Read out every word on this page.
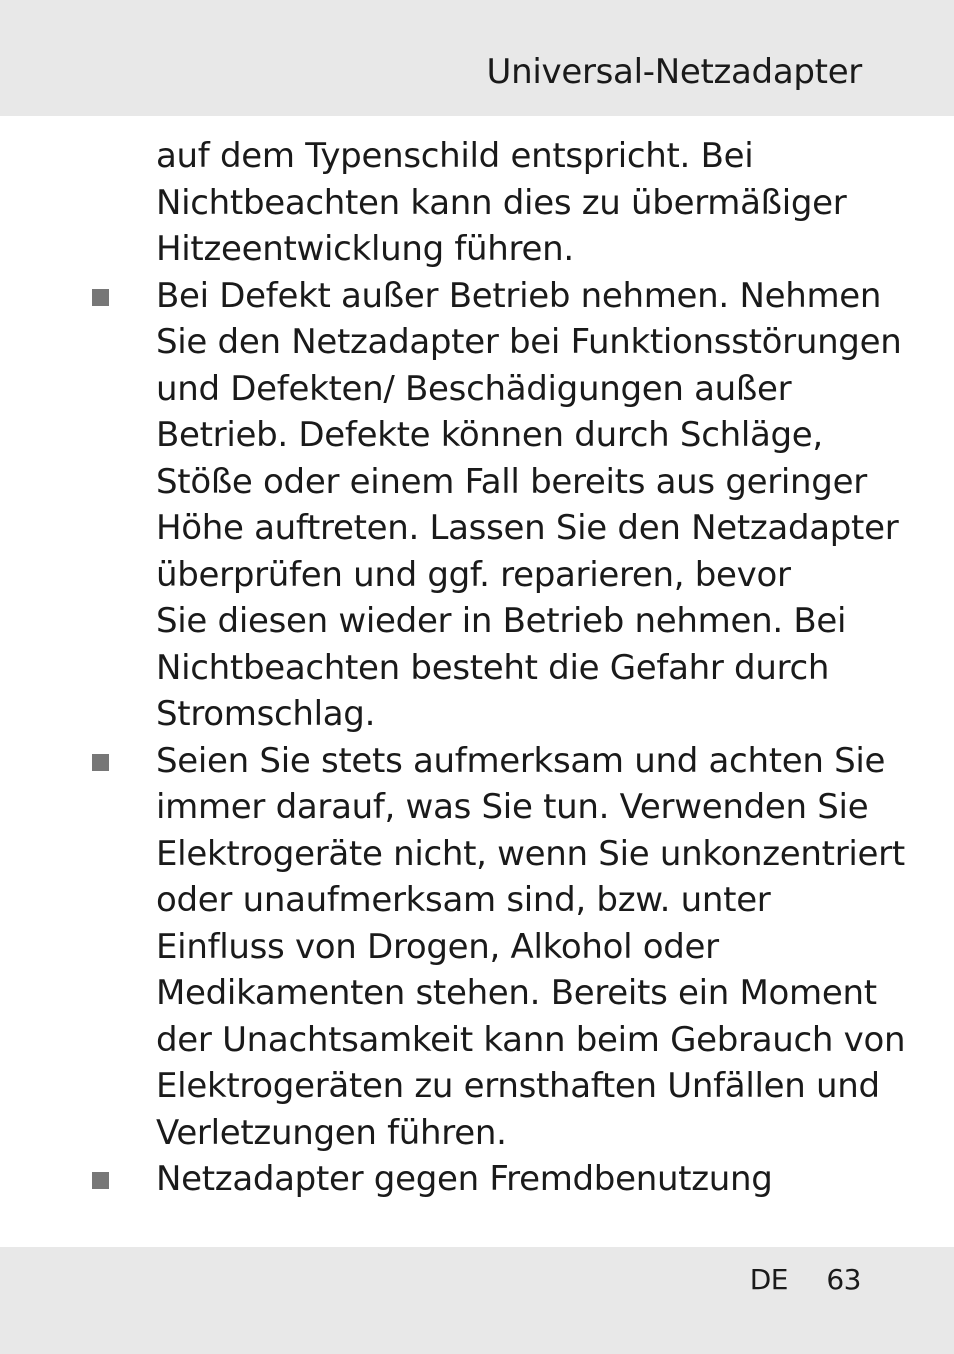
Universal-Netzadapter

auf dem Typenschild entspricht. Bei
Nichtbeachten kann dies zu übermäßiger
Hitzeentwicklung führen.

Bei Defekt außer Betrieb nehmen. Nehmen
Sie den Netzadapter bei Funktionsstörungen
und Defekten/ Beschädigungen außer
Betrieb. Defekte können durch Schläge,
Stöße oder einem Fall bereits aus geringer
Höhe auftreten. Lassen Sie den Netzadapter
überprüfen und ggf. reparieren, bevor
Sie diesen wieder in Betrieb nehmen. Bei
Nichtbeachten besteht die Gefahr durch
Stromschlag.

Seien Sie stets aufmerksam und achten Sie
immer darauf, was Sie tun. Verwenden Sie
Elektrogeräte nicht, wenn Sie unkonzentriert
oder unaufmerksam sind, bzw. unter
Einfluss von Drogen, Alkohol oder
Medikamenten stehen. Bereits ein Moment
der Unachtsamkeit kann beim Gebrauch von
Elektrogeräten zu ernsthaften Unfällen und
Verletzungen führen.

Netzadapter gegen Fremdbenutzung

DE 63
